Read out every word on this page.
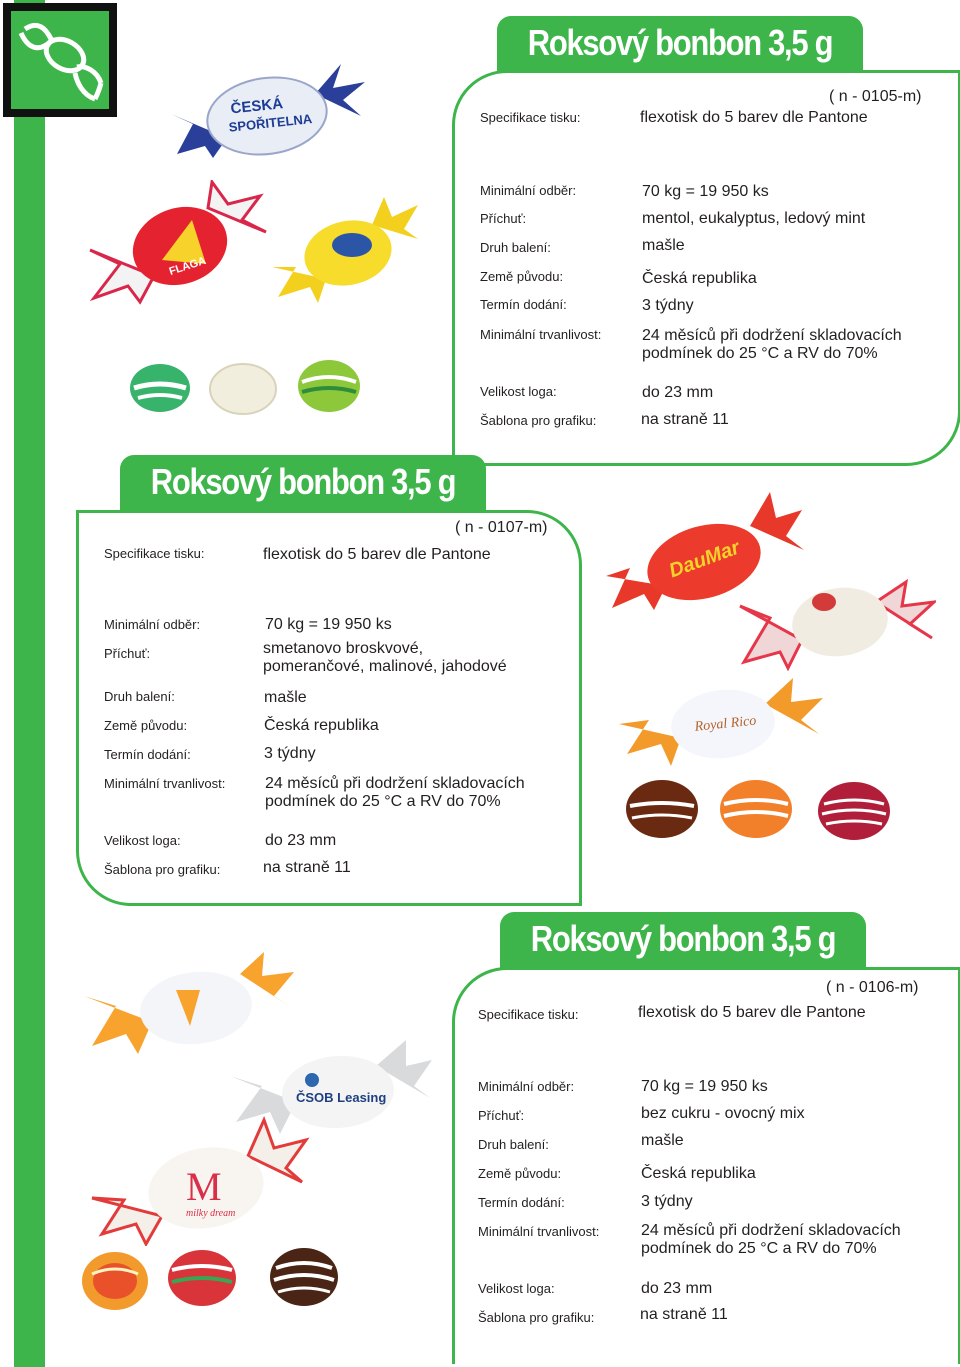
Roksový bonbon 3,5 g
( n - 0105-m)
Specifikace tisku:	flexotisk do 5 barev dle Pantone
Minimální odběr:	70 kg = 19 950 ks
Příchuť:	mentol, eukalyptus, ledový mint
Druh balení:	mašle
Země původu:	Česká republika
Termín dodání:	3 týdny
Minimální trvanlivost:	24 měsíců při dodržení skladovacích
podmínek do 25 °C a RV do 70%
Velikost loga:	do 23 mm
Šablona pro grafiku:	na straně 11
ČESKÁ
SPOŘITELNA
FLAGA
Roksový bonbon 3,5 g
( n - 0107-m)
Specifikace tisku:	flexotisk do 5 barev dle Pantone
Minimální odběr:	70 kg = 19 950 ks
Příchuť:	smetanovo broskvové,
pomerančové, malinové, jahodové
Druh balení:	mašle
Země původu:	Česká republika
Termín dodání:	3 týdny
Minimální trvanlivost: 24 měsíců při dodržení skladovacích
podmínek do 25 °C a RV do 70%
Velikost loga:	do 23 mm
Šablona pro grafiku:	na straně 11
DauMar
Royal Rico
Roksový bonbon 3,5 g
( n - 0106-m)
Specifikace tisku:	flexotisk do 5 barev dle Pantone
Minimální odběr:	70 kg = 19 950 ks
Příchuť:	bez cukru - ovocný mix
Druh balení:	mašle
Země původu:	Česká republika
Termín dodání:	3 týdny
Minimální trvanlivost:	24 měsíců při dodržení skladovacích
podmínek do 25 °C a RV do 70%
Velikost loga:	do 23 mm
Šablona pro grafiku:	na straně 11
ČSOB Leasing
M
milky dream
